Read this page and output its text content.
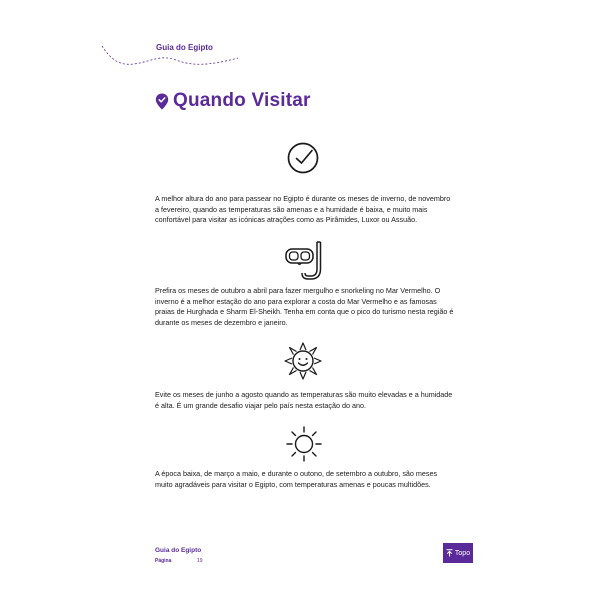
Guia do Egipto
Quando Visitar

A melhor altura do ano para passear no Egipto é durante os meses de inverno, de novembro a fevereiro, quando as temperaturas são amenas e a humidade é baixa, e muito mais confortável para visitar as icónicas atrações como as Pirâmides, Luxor ou Assuão.

Prefira os meses de outubro a abril para fazer mergulho e snorkeling no Mar Vermelho. O inverno é a melhor estação do ano para explorar a costa do Mar Vermelho e as famosas praias de Hurghada e Sharm El-Sheikh. Tenha em conta que o pico do turismo nesta região é durante os meses de dezembro e janeiro.

Evite os meses de junho a agosto quando as temperaturas são muito elevadas e a humidade é alta. É um grande desafio viajar pelo país nesta estação do ano.

A época baixa, de março a maio, e durante o outono, de setembro a outubro, são meses muito agradáveis para visitar o Egipto, com temperaturas amenas e poucas multidões.

Guia do Egipto
Página	19
Topo
